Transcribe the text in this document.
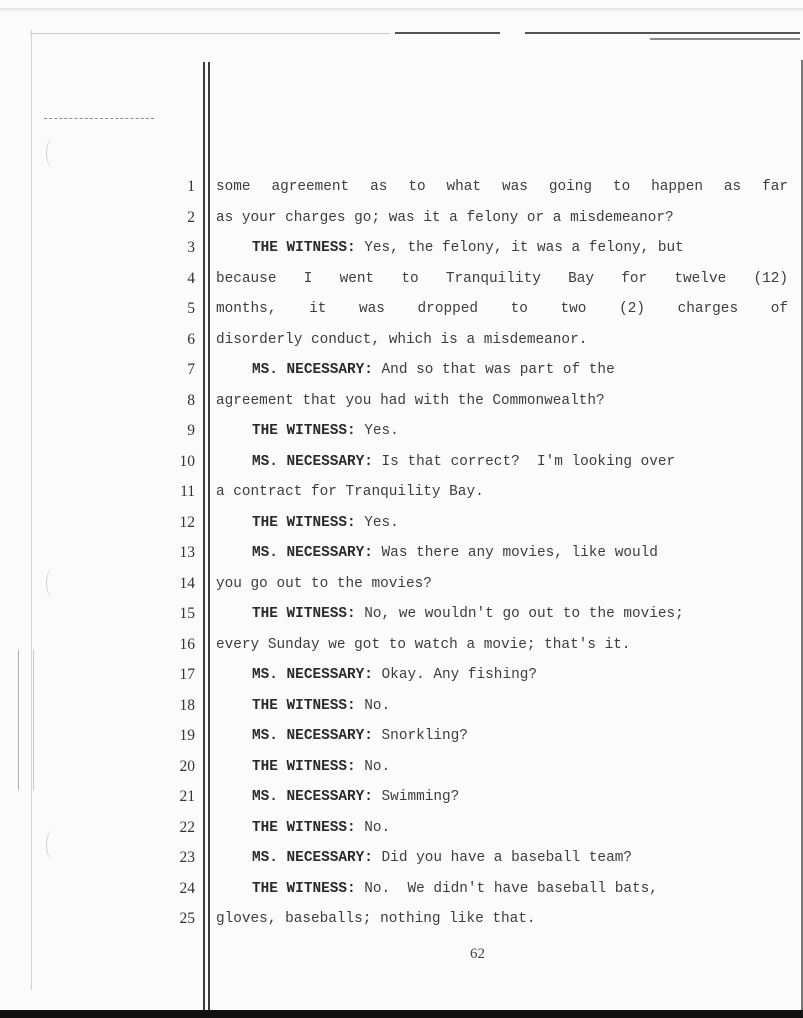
1 some agreement as to what was going to happen as far
2 as your charges go; was it a felony or a misdemeanor?
3	THE WITNESS: Yes, the felony, it was a felony, but
4 because I went to Tranquility Bay for twelve (12)
5 months, it was dropped to two (2) charges of
6 disorderly conduct, which is a misdemeanor.
7	MS. NECESSARY: And so that was part of the
8 agreement that you had with the Commonwealth?
9	THE WITNESS: Yes.
10	MS. NECESSARY: Is that correct?  I'm looking over
11 a contract for Tranquility Bay.
12	THE WITNESS: Yes.
13	MS. NECESSARY: Was there any movies, like would
14 you go out to the movies?
15	THE WITNESS: No, we wouldn't go out to the movies;
16 every Sunday we got to watch a movie; that's it.
17	MS. NECESSARY: Okay. Any fishing?
18	THE WITNESS: No.
19	MS. NECESSARY: Snorkling?
20	THE WITNESS: No.
21	MS. NECESSARY: Swimming?
22	THE WITNESS: No.
23	MS. NECESSARY: Did you have a baseball team?
24	THE WITNESS: No.  We didn't have baseball bats,
25 gloves, baseballs; nothing like that.
62
